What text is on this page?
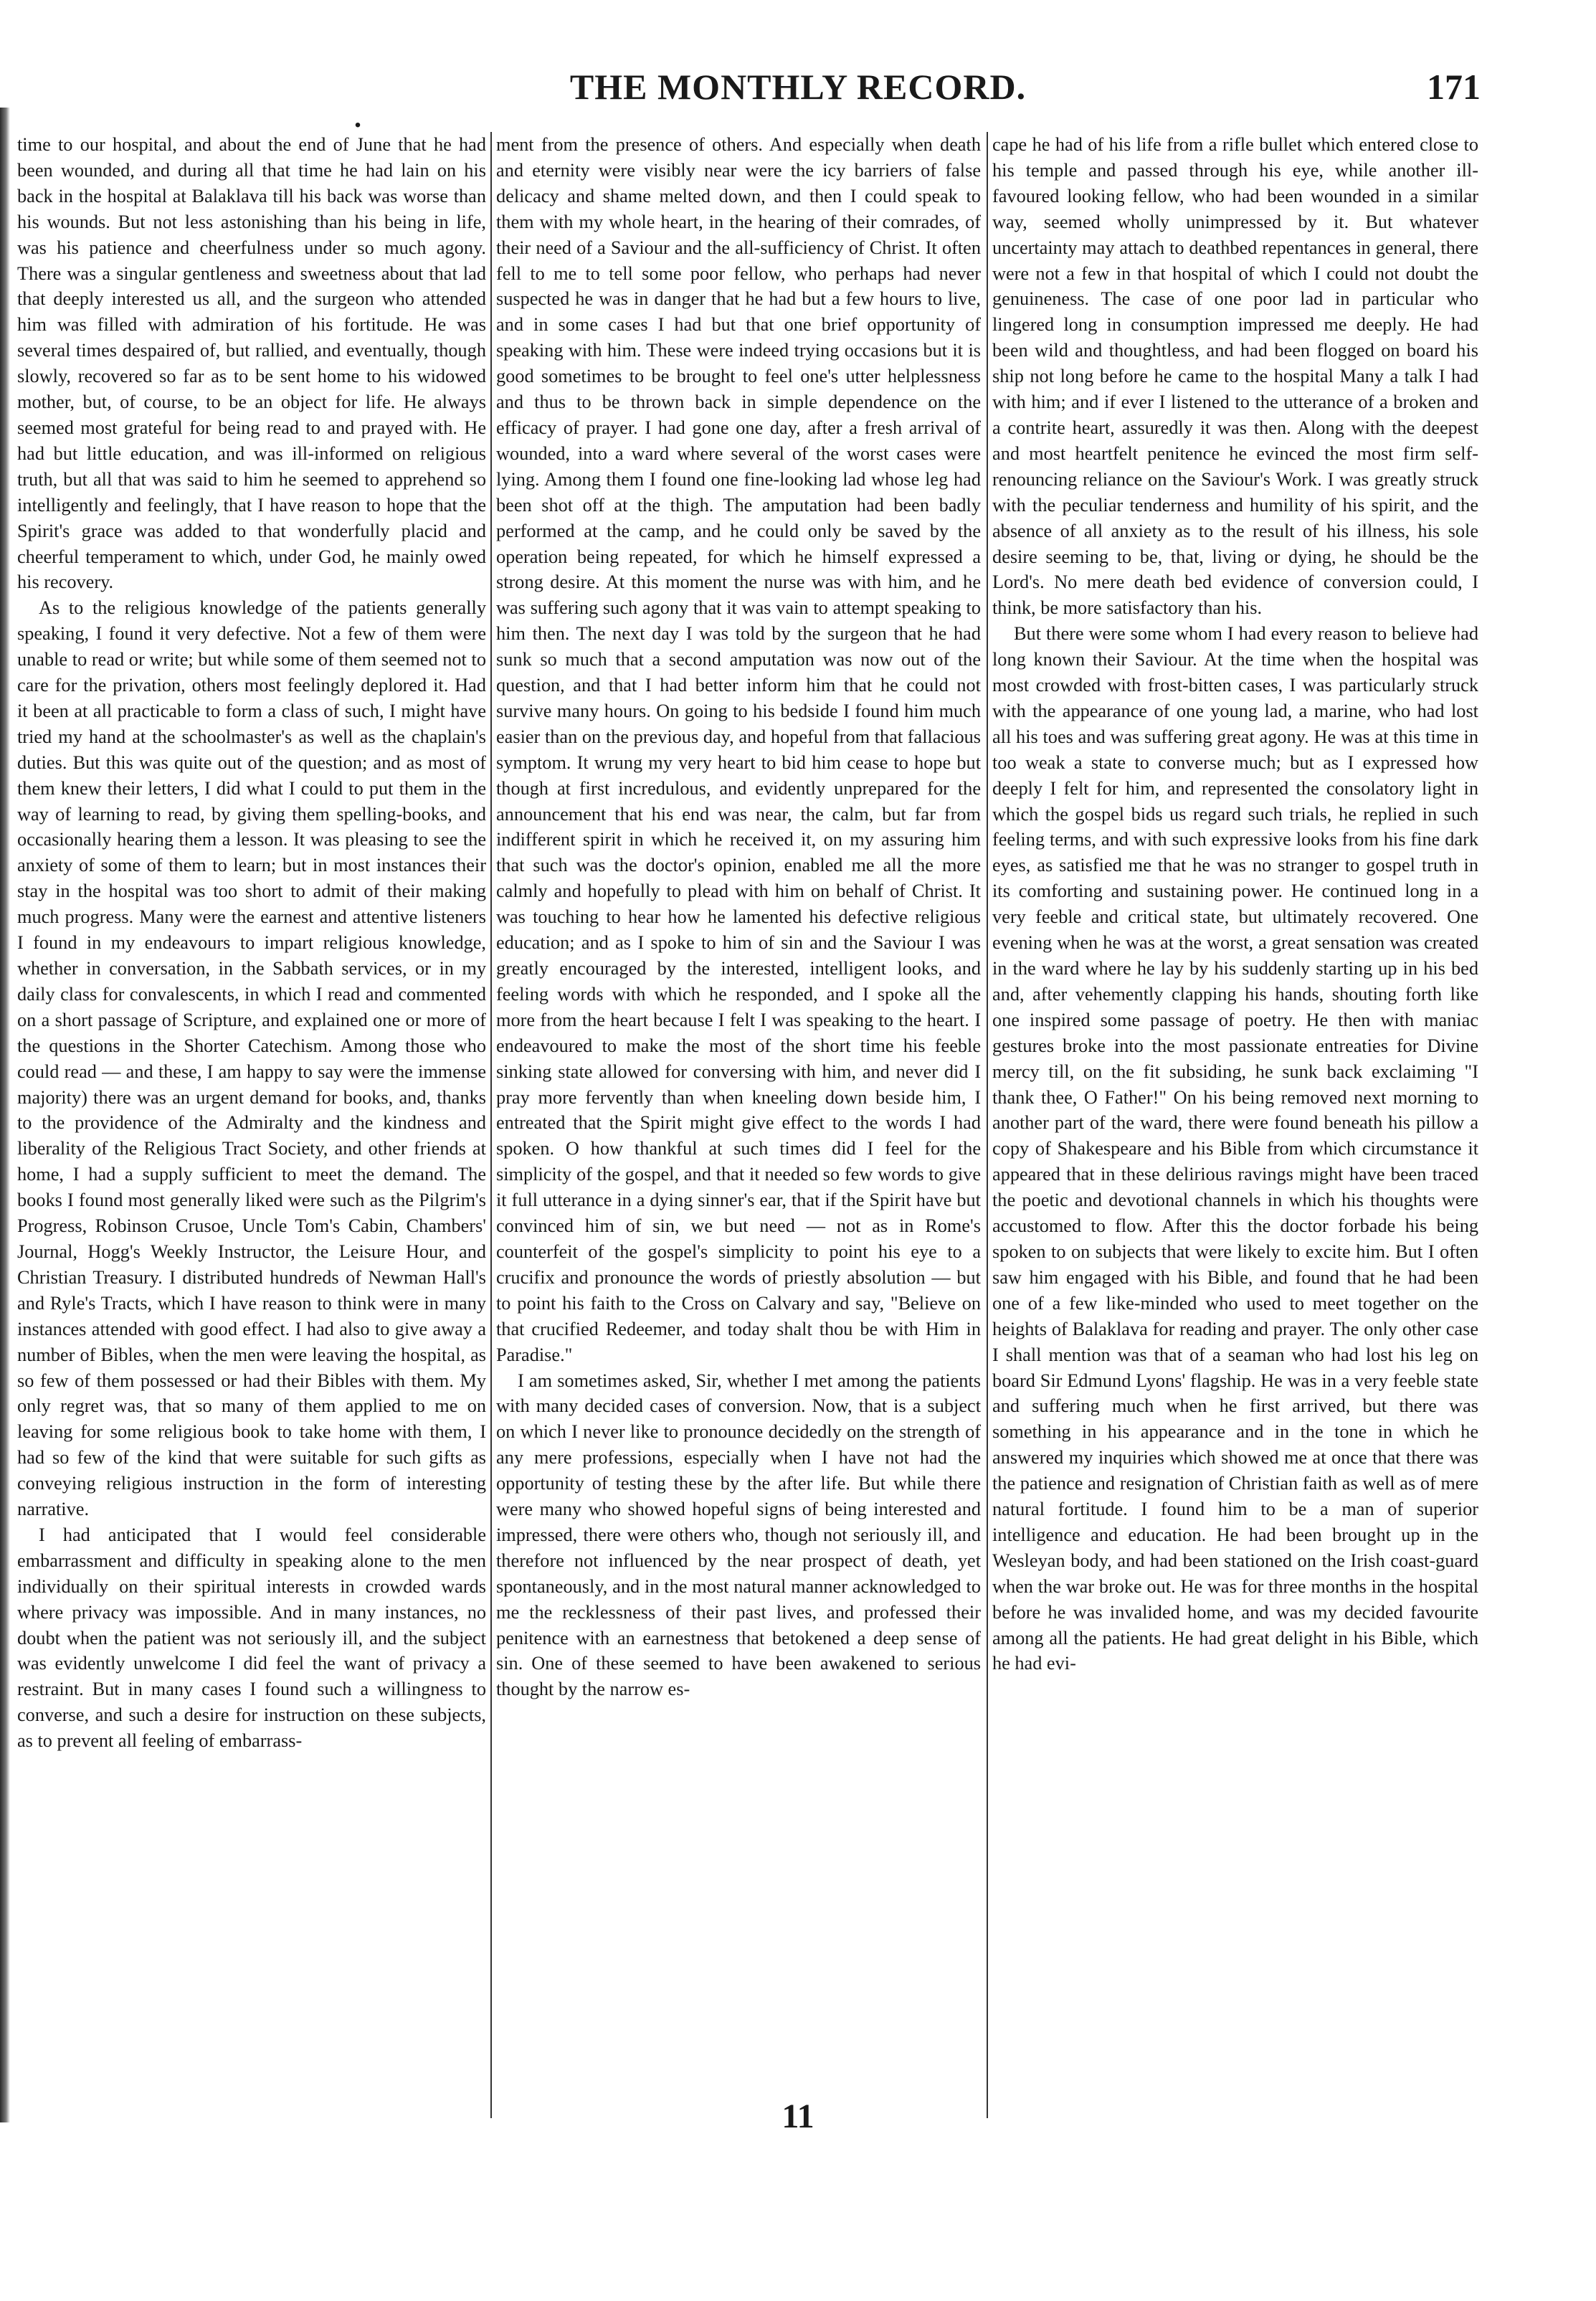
.
THE MONTHLY RECORD.	171

time to our hospital, and about the end of June that he had been wounded, and during all that time he had lain on his back in the hospital at Balaklava till his back was worse than his wounds. But not less astonishing than his being in life, was his patience and cheerfulness under so much agony. There was a singular gentleness and sweetness about that lad that deeply interested us all, and the surgeon who attended him was filled with admiration of his fortitude. He was several times despaired of, but rallied, and eventually, though slowly, recovered so far as to be sent home to his widowed mother, but, of course, to be an object for life. He always seemed most grateful for being read to and prayed with. He had but little education, and was ill-informed on religious truth, but all that was said to him he seemed to apprehend so intelligently and feelingly, that I have reason to hope that the Spirit's grace was added to that wonderfully placid and cheerful temperament to which, under God, he mainly owed his recovery.

As to the religious knowledge of the patients generally speaking, I found it very defective. Not a few of them were unable to read or write; but while some of them seemed not to care for the privation, others most feelingly deplored it. Had it been at all practicable to form a class of such, I might have tried my hand at the schoolmaster's as well as the chaplain's duties. But this was quite out of the question; and as most of them knew their letters, I did what I could to put them in the way of learning to read, by giving them spelling-books, and occasionally hearing them a lesson. It was pleasing to see the anxiety of some of them to learn; but in most instances their stay in the hospital was too short to admit of their making much progress. Many were the earnest and attentive listeners I found in my endeavours to impart religious knowledge, whether in conversation, in the Sabbath services, or in my daily class for convalescents, in which I read and commented on a short passage of Scripture, and explained one or more of the questions in the Shorter Catechism. Among those who could read — and these, I am happy to say were the immense majority) there was an urgent demand for books, and, thanks to the providence of the Admiralty and the kindness and liberality of the Religious Tract Society, and other friends at home, I had a supply sufficient to meet the demand. The books I found most generally liked were such as the Pilgrim's Progress, Robinson Crusoe, Uncle Tom's Cabin, Chambers' Journal, Hogg's Weekly Instructor, the Leisure Hour, and Christian Treasury. I distributed hundreds of Newman Hall's and Ryle's Tracts, which I have reason to think were in many instances attended with good effect. I had also to give away a number of Bibles, when the men were leaving the hospital, as so few of them possessed or had their Bibles with them. My only regret was, that so many of them applied to me on leaving for some religious book to take home with them, I had so few of the kind that were suitable for such gifts as conveying religious instruction in the form of interesting narrative.

I had anticipated that I would feel considerable embarrassment and difficulty in speaking alone to the men individually on their spiritual interests in crowded wards where privacy was impossible. And in many instances, no doubt when the patient was not seriously ill, and the subject was evidently unwelcome I did feel the want of privacy a restraint. But in many cases I found such a willingness to converse, and such a desire for instruction on these subjects, as to prevent all feeling of embarrass-

ment from the presence of others. And especially when death and eternity were visibly near were the icy barriers of false delicacy and shame melted down, and then I could speak to them with my whole heart, in the hearing of their comrades, of their need of a Saviour and the all-sufficiency of Christ. It often fell to me to tell some poor fellow, who perhaps had never suspected he was in danger that he had but a few hours to live, and in some cases I had but that one brief opportunity of speaking with him. These were indeed trying occasions but it is good sometimes to be brought to feel one's utter helplessness and thus to be thrown back in simple dependence on the efficacy of prayer. I had gone one day, after a fresh arrival of wounded, into a ward where several of the worst cases were lying. Among them I found one fine-looking lad whose leg had been shot off at the thigh. The amputation had been badly performed at the camp, and he could only be saved by the operation being repeated, for which he himself expressed a strong desire. At this moment the nurse was with him, and he was suffering such agony that it was vain to attempt speaking to him then. The next day I was told by the surgeon that he had sunk so much that a second amputation was now out of the question, and that I had better inform him that he could not survive many hours. On going to his bedside I found him much easier than on the previous day, and hopeful from that fallacious symptom. It wrung my very heart to bid him cease to hope but though at first incredulous, and evidently unprepared for the announcement that his end was near, the calm, but far from indifferent spirit in which he received it, on my assuring him that such was the doctor's opinion, enabled me all the more calmly and hopefully to plead with him on behalf of Christ. It was touching to hear how he lamented his defective religious education; and as I spoke to him of sin and the Saviour I was greatly encouraged by the interested, intelligent looks, and feeling words with which he responded, and I spoke all the more from the heart because I felt I was speaking to the heart. I endeavoured to make the most of the short time his feeble sinking state allowed for conversing with him, and never did I pray more fervently than when kneeling down beside him, I entreated that the Spirit might give effect to the words I had spoken. O how thankful at such times did I feel for the simplicity of the gospel, and that it needed so few words to give it full utterance in a dying sinner's ear, that if the Spirit have but convinced him of sin, we but need — not as in Rome's counterfeit of the gospel's simplicity to point his eye to a crucifix and pronounce the words of priestly absolution — but to point his faith to the Cross on Calvary and say, "Believe on that crucified Redeemer, and today shalt thou be with Him in Paradise."

I am sometimes asked, Sir, whether I met among the patients with many decided cases of conversion. Now, that is a subject on which I never like to pronounce decidedly on the strength of any mere professions, especially when I have not had the opportunity of testing these by the after life. But while there were many who showed hopeful signs of being interested and impressed, there were others who, though not seriously ill, and therefore not influenced by the near prospect of death, yet spontaneously, and in the most natural manner acknowledged to me the recklessness of their past lives, and professed their penitence with an earnestness that betokened a deep sense of sin. One of these seemed to have been awakened to serious thought by the narrow es-

cape he had of his life from a rifle bullet which entered close to his temple and passed through his eye, while another ill-favoured looking fellow, who had been wounded in a similar way, seemed wholly unimpressed by it. But whatever uncertainty may attach to deathbed repentances in general, there were not a few in that hospital of which I could not doubt the genuineness. The case of one poor lad in particular who lingered long in consumption impressed me deeply. He had been wild and thoughtless, and had been flogged on board his ship not long before he came to the hospital Many a talk I had with him; and if ever I listened to the utterance of a broken and a contrite heart, assuredly it was then. Along with the deepest and most heartfelt penitence he evinced the most firm self-renouncing reliance on the Saviour's Work. I was greatly struck with the peculiar tenderness and humility of his spirit, and the absence of all anxiety as to the result of his illness, his sole desire seeming to be, that, living or dying, he should be the Lord's. No mere death bed evidence of conversion could, I think, be more satisfactory than his.

But there were some whom I had every reason to believe had long known their Saviour. At the time when the hospital was most crowded with frost-bitten cases, I was particularly struck with the appearance of one young lad, a marine, who had lost all his toes and was suffering great agony. He was at this time in too weak a state to converse much; but as I expressed how deeply I felt for him, and represented the consolatory light in which the gospel bids us regard such trials, he replied in such feeling terms, and with such expressive looks from his fine dark eyes, as satisfied me that he was no stranger to gospel truth in its comforting and sustaining power. He continued long in a very feeble and critical state, but ultimately recovered. One evening when he was at the worst, a great sensation was created in the ward where he lay by his suddenly starting up in his bed and, after vehemently clapping his hands, shouting forth like one inspired some passage of poetry. He then with maniac gestures broke into the most passionate entreaties for Divine mercy till, on the fit subsiding, he sunk back exclaiming "I thank thee, O Father!" On his being removed next morning to another part of the ward, there were found beneath his pillow a copy of Shakespeare and his Bible from which circumstance it appeared that in these delirious ravings might have been traced the poetic and devotional channels in which his thoughts were accustomed to flow. After this the doctor forbade his being spoken to on subjects that were likely to excite him. But I often saw him engaged with his Bible, and found that he had been one of a few like-minded who used to meet together on the heights of Balaklava for reading and prayer. The only other case I shall mention was that of a seaman who had lost his leg on board Sir Edmund Lyons' flagship. He was in a very feeble state and suffering much when he first arrived, but there was something in his appearance and in the tone in which he answered my inquiries which showed me at once that there was the patience and resignation of Christian faith as well as of mere natural fortitude. I found him to be a man of superior intelligence and education. He had been brought up in the Wesleyan body, and had been stationed on the Irish coast-guard when the war broke out. He was for three months in the hospital before he was invalided home, and was my decided favourite among all the patients. He had great delight in his Bible, which he had evi-

11
